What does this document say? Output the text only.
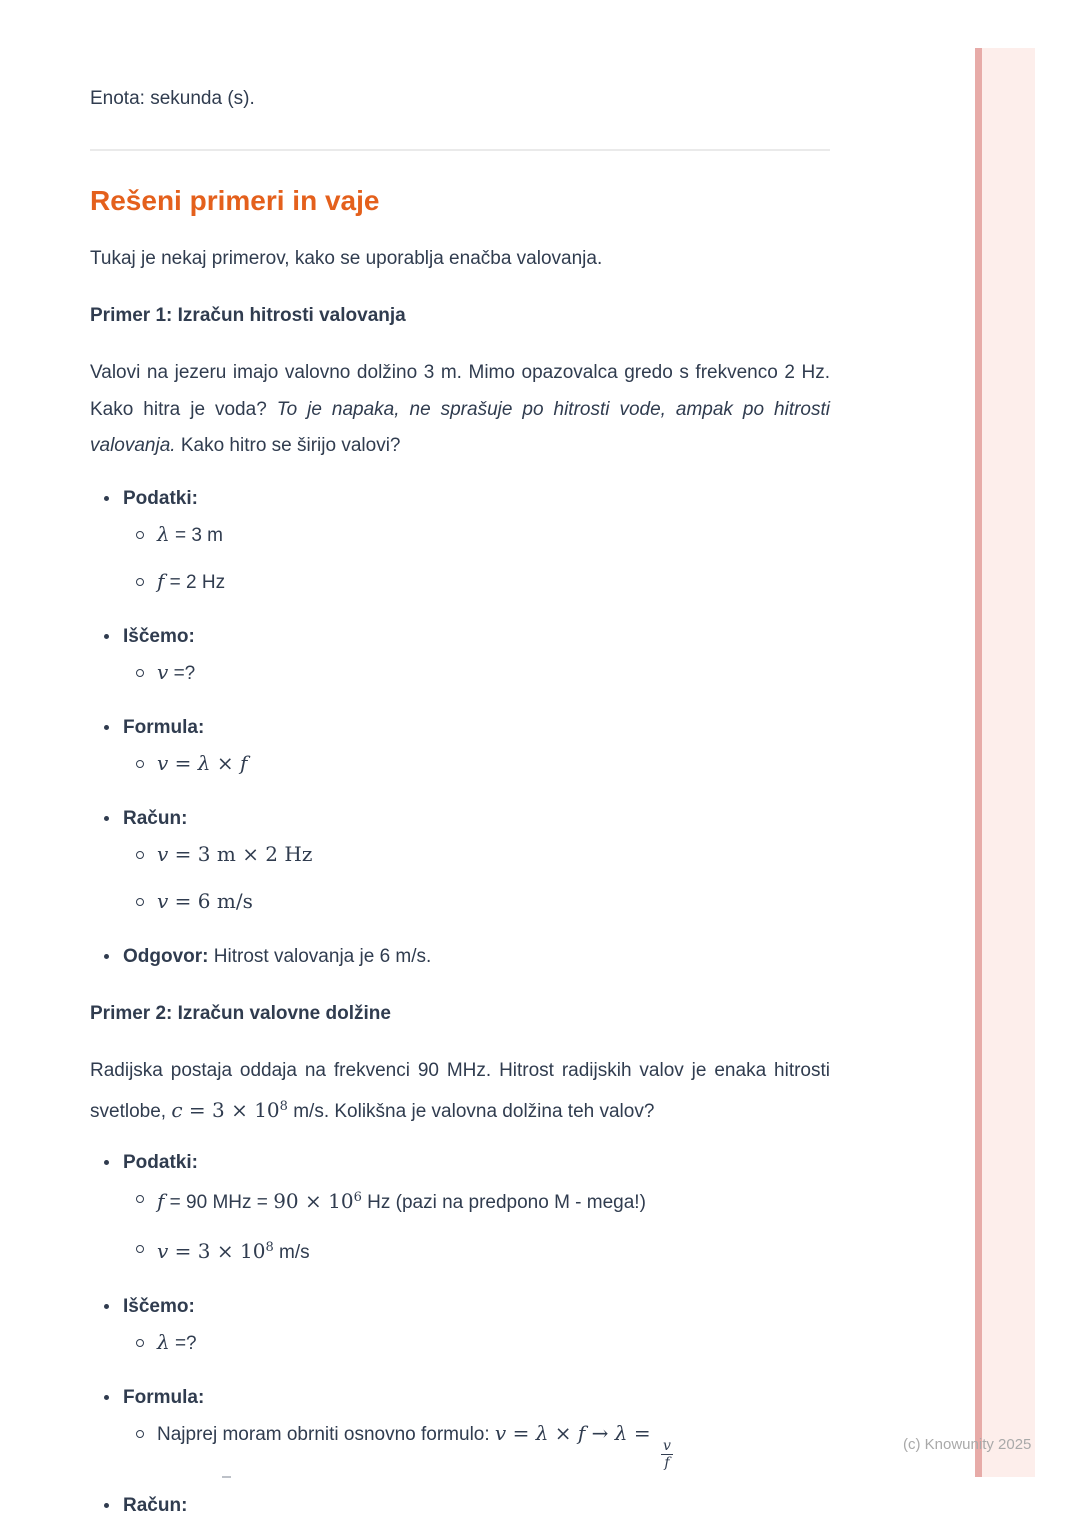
(c) Knowunity 2025

Enota: sekunda (s).

Rešeni primeri in vaje

Tukaj je nekaj primerov, kako se uporablja enačba valovanja.

Primer 1: Izračun hitrosti valovanja

Valovi na jezeru imajo valovno dolžino 3 m. Mimo opazovalca gredo s frekvenco 2 Hz. Kako hitra je voda? To je napaka, ne sprašuje po hitrosti vode, ampak po hitrosti valovanja. Kako hitro se širijo valovi?

Podatki:
λ = 3 m
f = 2 Hz
Iščemo:
v =?
Formula:
v = λ × f
Račun:
v = 3 m × 2 Hz
v = 6 m/s
Odgovor: Hitrost valovanja je 6 m/s.

Primer 2: Izračun valovne dolžine

Radijska postaja oddaja na frekvenci 90 MHz. Hitrost radijskih valov je enaka hitrosti svetlobe, $c = 3 \times 10^8$ m/s. Kolikšna je valovna dolžina teh valov?

Podatki:
f = 90 MHz = $90 \times 10^6$ Hz (pazi na predpono M - mega!)
$v = 3 \times 10^8$ m/s
Iščemo:
λ =?
Formula:
Najprej moram obrniti osnovno formulo: v = λ × f → λ =
$\frac{v}{f}$
Račun:
